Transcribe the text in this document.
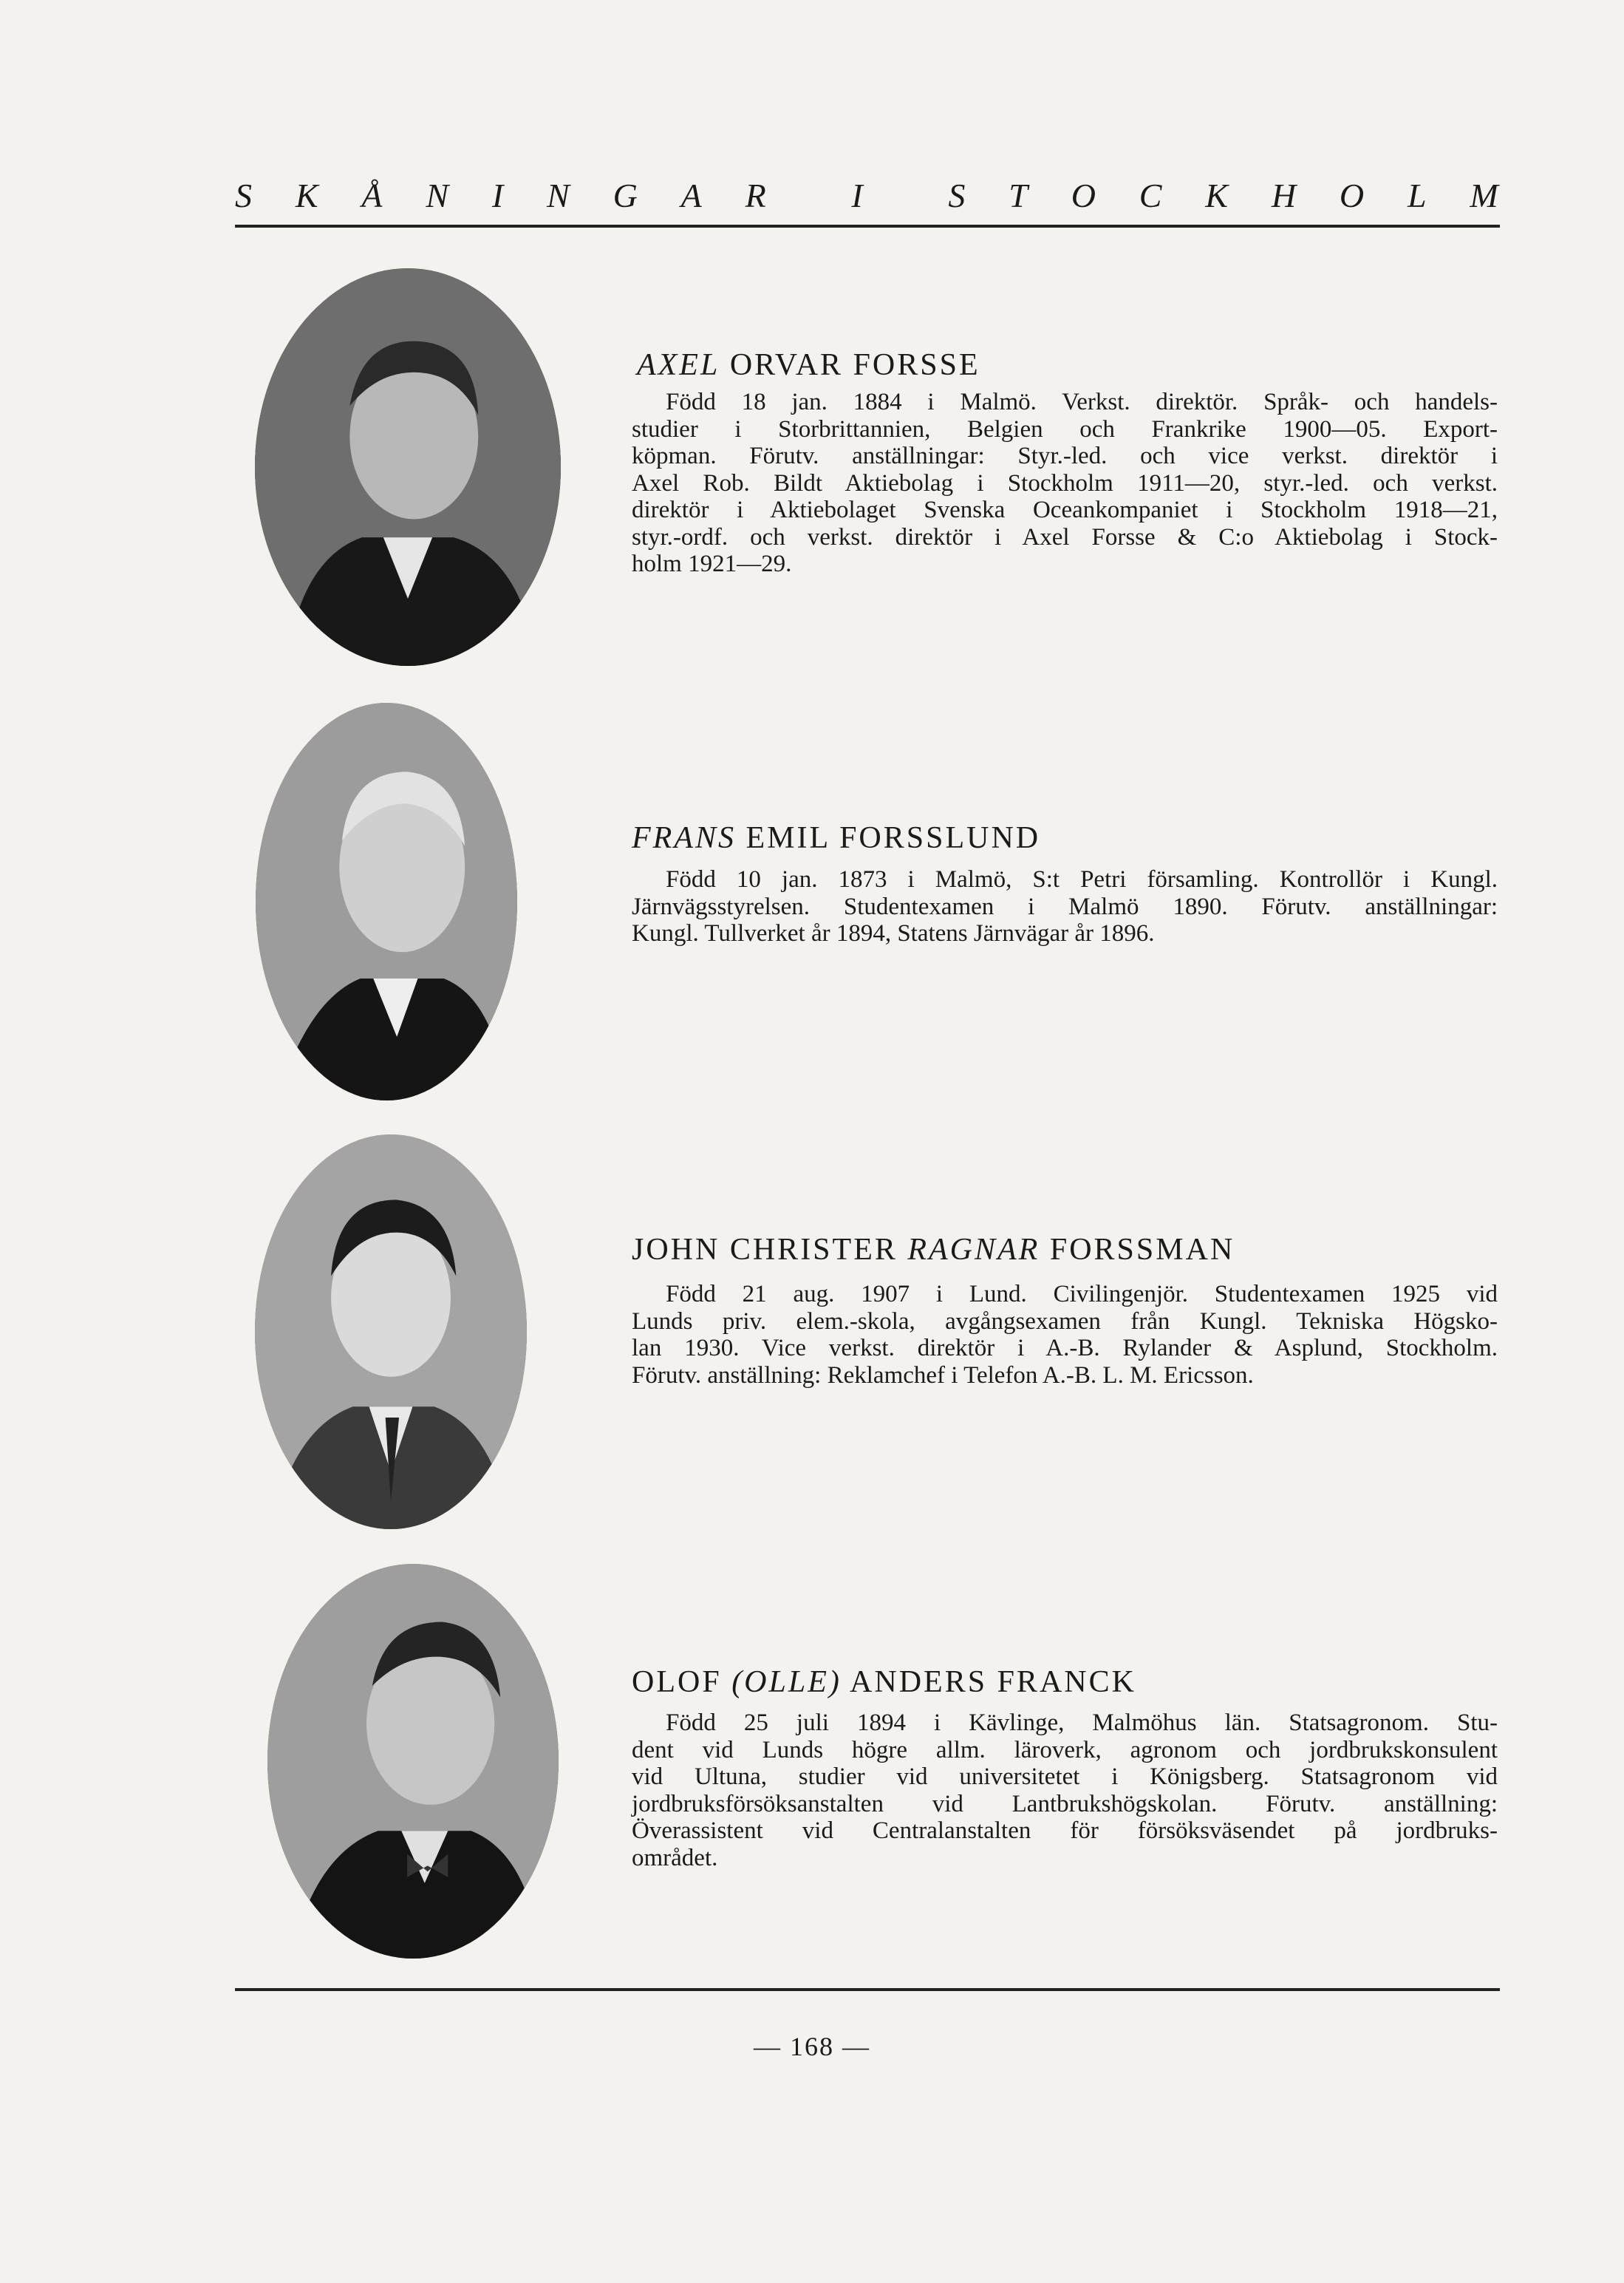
S K Å N I N G A R I S T O C K H O L M
AXEL ORVAR FORSSE
Född 18 jan. 1884 i Malmö. Verkst. direktör. Språk- och handels-
studier i Storbrittannien, Belgien och Frankrike 1900—05. Export-
köpman. Förutv. anställningar: Styr.-led. och vice verkst. direktör i
Axel Rob. Bildt Aktiebolag i Stockholm 1911—20, styr.-led. och verkst.
direktör i Aktiebolaget Svenska Oceankompaniet i Stockholm 1918—21,
styr.-ordf. och verkst. direktör i Axel Forsse & C:o Aktiebolag i Stock-
holm 1921—29.
FRANS EMIL FORSSLUND
Född 10 jan. 1873 i Malmö, S:t Petri församling. Kontrollör i Kungl.
Järnvägsstyrelsen. Studentexamen i Malmö 1890. Förutv. anställningar:
Kungl. Tullverket år 1894, Statens Järnvägar år 1896.
JOHN CHRISTER RAGNAR FORSSMAN
Född 21 aug. 1907 i Lund. Civilingenjör. Studentexamen 1925 vid
Lunds priv. elem.-skola, avgångsexamen från Kungl. Tekniska Högsko-
lan 1930. Vice verkst. direktör i A.-B. Rylander & Asplund, Stockholm.
Förutv. anställning: Reklamchef i Telefon A.-B. L. M. Ericsson.
OLOF (OLLE) ANDERS FRANCK
Född 25 juli 1894 i Kävlinge, Malmöhus län. Statsagronom. Stu-
dent vid Lunds högre allm. läroverk, agronom och jordbrukskonsulent
vid Ultuna, studier vid universitetet i Königsberg. Statsagronom vid
jordbruksförsöksanstalten vid Lantbrukshögskolan. Förutv. anställning:
Överassistent vid Centralanstalten för försöksväsendet på jordbruks-
området.
— 168 —
